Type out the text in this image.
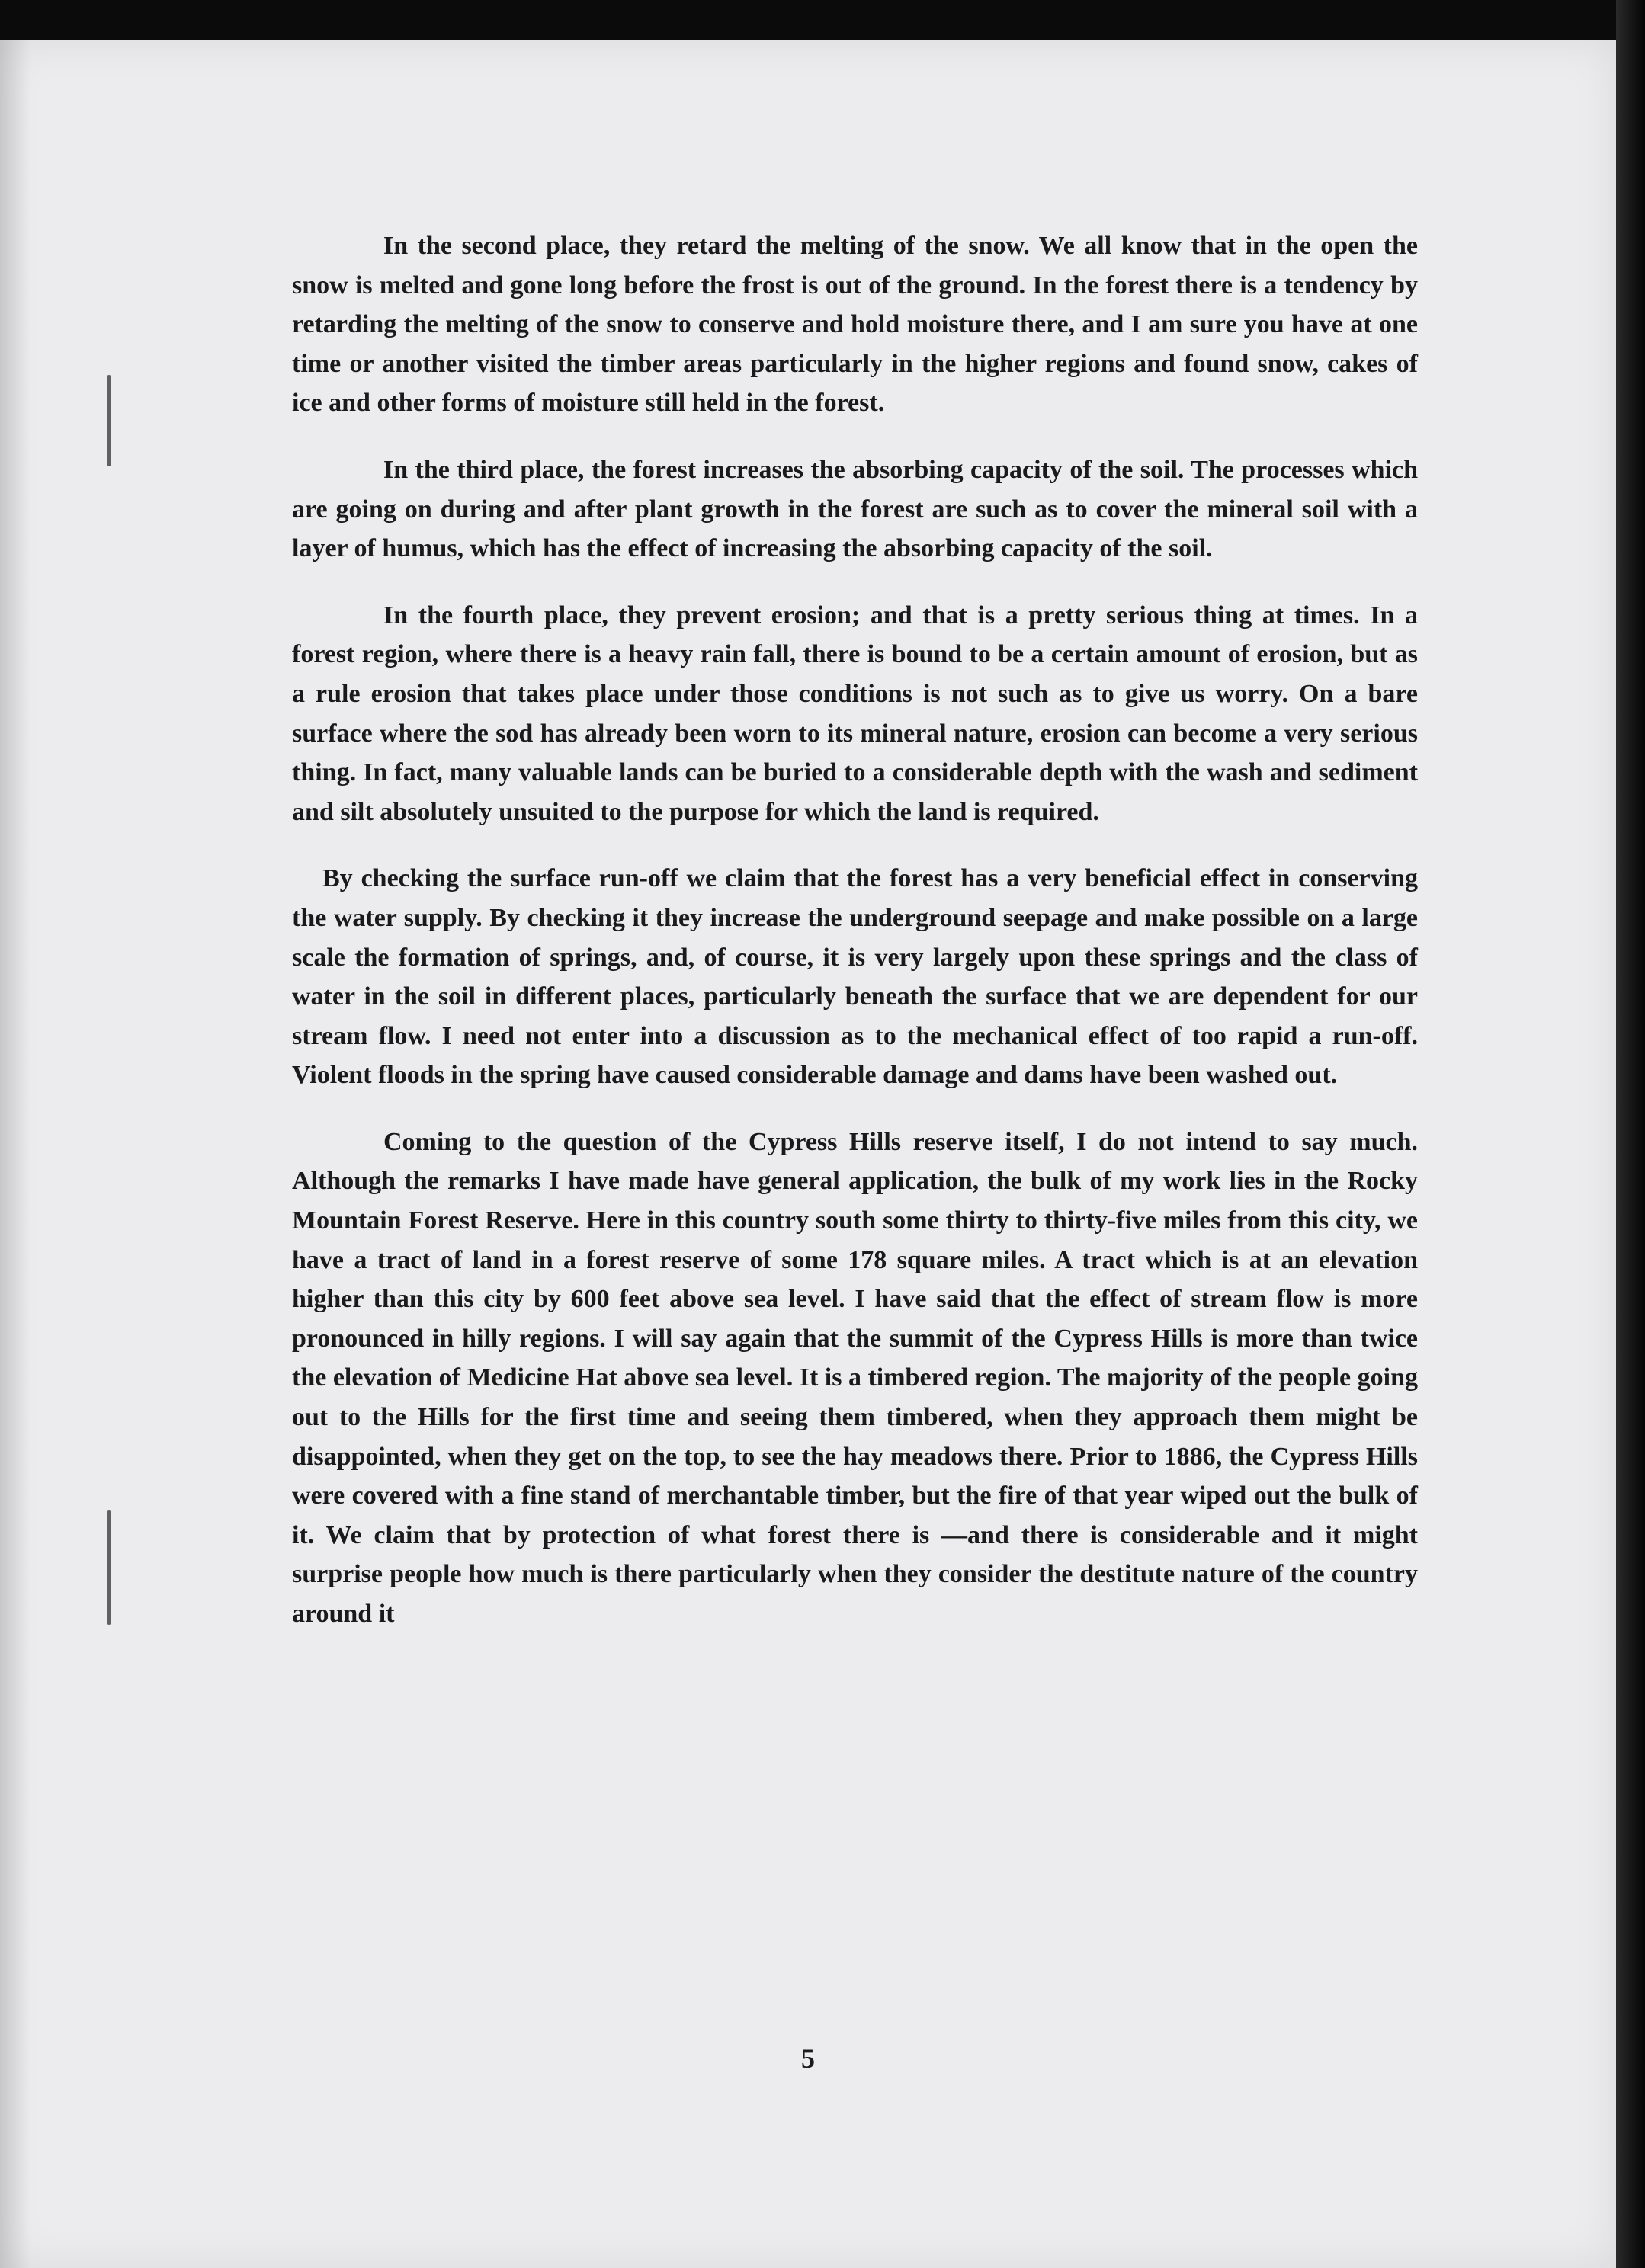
In the second place, they retard the melting of the snow. We all know that in the open the snow is melted and gone long before the frost is out of the ground. In the forest there is a tendency by retarding the melting of the snow to conserve and hold moisture there, and I am sure you have at one time or another visited the timber areas particularly in the higher regions and found snow, cakes of ice and other forms of moisture still held in the forest.

In the third place, the forest increases the absorbing capacity of the soil. The processes which are going on during and after plant growth in the forest are such as to cover the mineral soil with a layer of humus, which has the effect of increasing the absorbing capacity of the soil.

In the fourth place, they prevent erosion; and that is a pretty serious thing at times. In a forest region, where there is a heavy rain fall, there is bound to be a certain amount of erosion, but as a rule erosion that takes place under those conditions is not such as to give us worry. On a bare surface where the sod has already been worn to its mineral nature, erosion can become a very serious thing. In fact, many valuable lands can be buried to a considerable depth with the wash and sediment and silt absolutely unsuited to the purpose for which the land is required.

By checking the surface run-off we claim that the forest has a very beneficial effect in conserving the water supply. By checking it they increase the underground seepage and make possible on a large scale the formation of springs, and, of course, it is very largely upon these springs and the class of water in the soil in different places, particularly beneath the surface that we are dependent for our stream flow. I need not enter into a discussion as to the mechanical effect of too rapid a run-off. Violent floods in the spring have caused considerable damage and dams have been washed out.

Coming to the question of the Cypress Hills reserve itself, I do not intend to say much. Although the remarks I have made have general application, the bulk of my work lies in the Rocky Mountain Forest Reserve. Here in this country south some thirty to thirty-five miles from this city, we have a tract of land in a forest reserve of some 178 square miles. A tract which is at an elevation higher than this city by 600 feet above sea level. I have said that the effect of stream flow is more pronounced in hilly regions. I will say again that the summit of the Cypress Hills is more than twice the elevation of Medicine Hat above sea level. It is a timbered region. The majority of the people going out to the Hills for the first time and seeing them timbered, when they approach them might be disappointed, when they get on the top, to see the hay meadows there. Prior to 1886, the Cypress Hills were covered with a fine stand of merchantable timber, but the fire of that year wiped out the bulk of it. We claim that by protection of what forest there is —and there is considerable and it might surprise people how much is there particularly when they consider the destitute nature of the country around it

5
